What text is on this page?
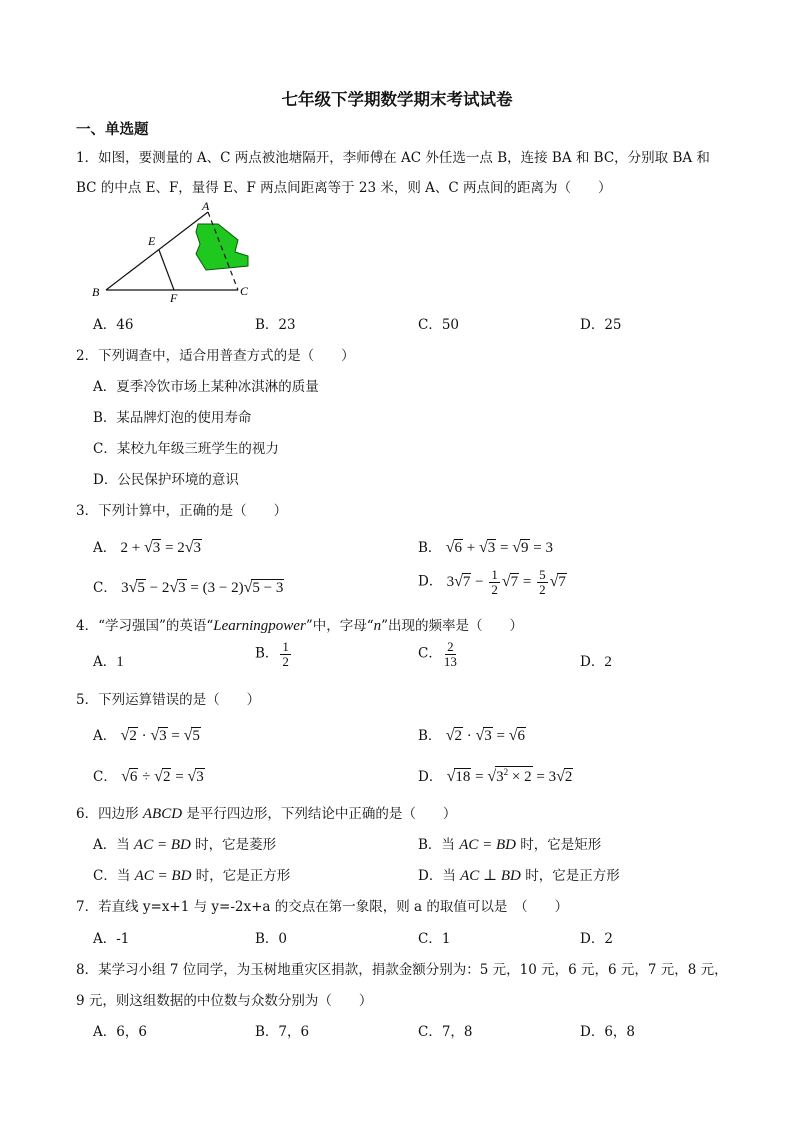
七年级下学期数学期末考试试卷
一、单选题
1．如图，要测量的 A、C 两点被池塘隔开，李师傅在 AC 外任选一点 B，连接 BA 和 BC，分别取 BA 和
BC 的中点 E、F，量得 E、F 两点间距离等于 23 米，则 A、C 两点间的距离为（　　）
A
E
B	F	C
A．46	B．23	C．50	D．25
2．下列调查中，适合用普查方式的是（　　）
A．夏季冷饮市场上某种冰淇淋的质量
B．某品牌灯泡的使用寿命
C．某校九年级三班学生的视力
D．公民保护环境的意识
3．下列计算中，正确的是（　　）
A． 2 + √3 = 2√3	B． √6 + √3 = √9 = 3
C． 3√5 − 2√3 = (3 − 2)√5 − 3	D． $3√7 - \frac{1}{2} √7 = \frac{5}{2} √7$
4．“学习强国”的英语“Learningpower”中，字母“n”出现的频率是（　　）
A．1
B． $\frac{1}{2}$	C． $\frac{2}{13}$	D．2
5．下列运算错误的是（　　）
A． √2 · √3 = √5	B． √2 · √3 = √6
C． √6 ÷ √2 = √3	D． $√18 = √3^2 \times 2 = 3√2$
6．四边形 ABCD 是平行四边形，下列结论中正确的是（　　）
A．当 AC = BD 时，它是菱形	B．当 AC = BD 时，它是矩形
C．当 AC = BD 时，它是正方形	D．当 AC ⊥ BD 时，它是正方形
7．若直线 y=x+1 与 y=-2x+a 的交点在第一象限，则 a 的取值可以是　（　　）
A．-1	B．0	C．1	D．2
8．某学习小组 7 位同学，为玉树地重灾区捐款，捐款金额分别为：5 元，10 元，6 元，6 元，7 元，8 元，
9 元，则这组数据的中位数与众数分别为（　　）
A．6，6	B．7，6	C．7，8	D．6，8
